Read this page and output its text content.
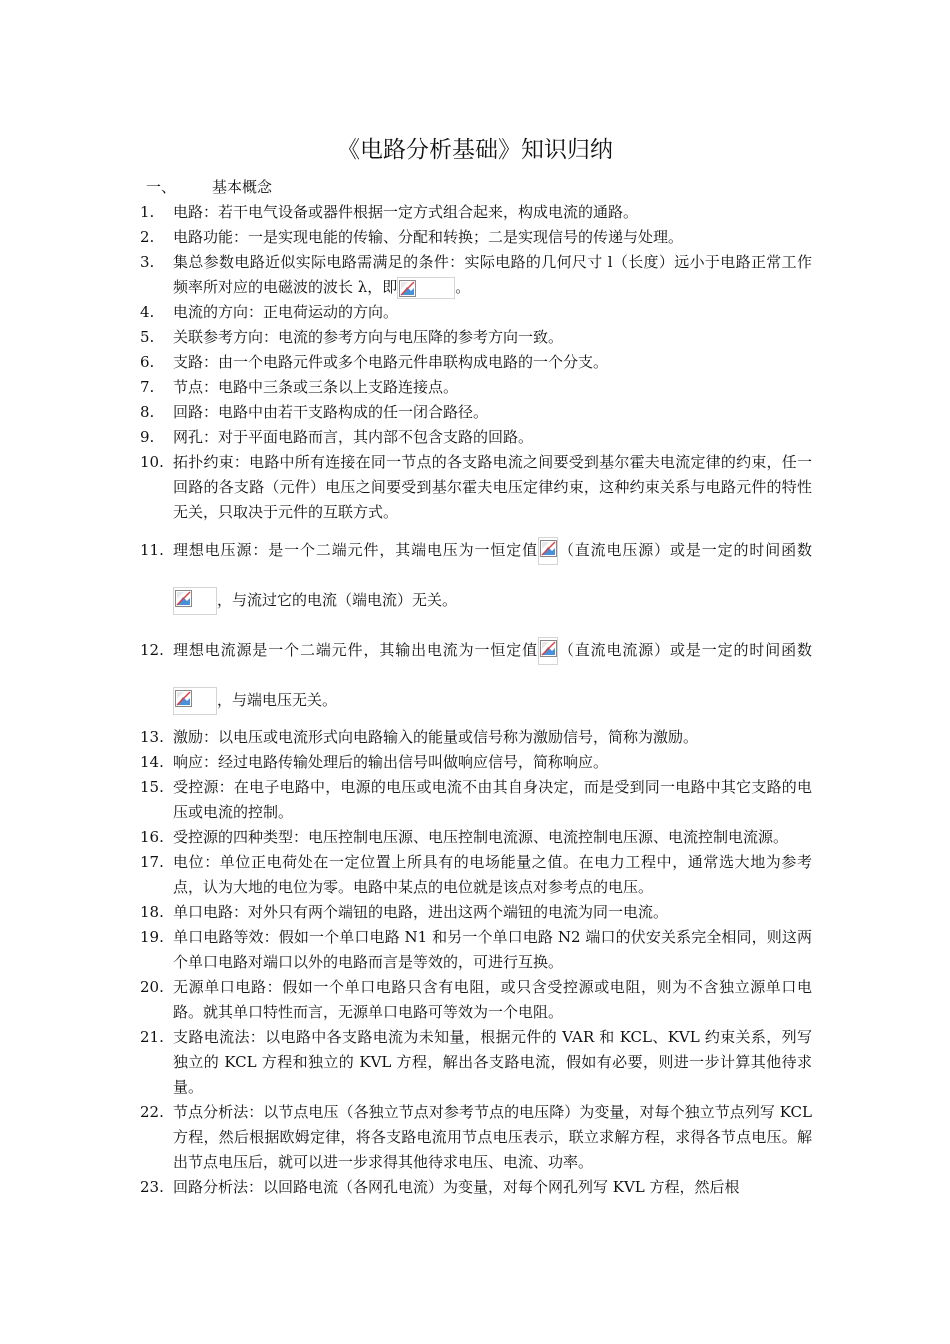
《电路分析基础》知识归纳
一、 基本概念
1.	电路：若干电气设备或器件根据一定方式组合起来，构成电流的通路。
2.	电路功能：一是实现电能的传输、分配和转换；二是实现信号的传递与处理。
3.	集总参数电路近似实际电路需满足的条件：实际电路的几何尺寸 l（长度）远小于电路正常工作频率所对应的电磁波的波长 λ，即	。
4.	电流的方向：正电荷运动的方向。
5.	关联参考方向：电流的参考方向与电压降的参考方向一致。
6.	支路：由一个电路元件或多个电路元件串联构成电路的一个分支。
7.	节点：电路中三条或三条以上支路连接点。
8.	回路：电路中由若干支路构成的任一闭合路径。
9.	网孔：对于平面电路而言，其内部不包含支路的回路。
10. 拓扑约束：电路中所有连接在同一节点的各支路电流之间要受到基尔霍夫电流定律的约束，任一回路的各支路（元件）电压之间要受到基尔霍夫电压定律约束，这种约束关系与电路元件的特性无关，只取决于元件的互联方式。
11. 理想电压源：是一个二端元件，其端电压为一恒定值 （直流电压源）或是一定的时间函数
，与流过它的电流（端电流）无关。
12. 理想电流源是一个二端元件，其输出电流为一恒定值 （直流电流源）或是一定的时间函数
，与端电压无关。
13. 激励：以电压或电流形式向电路输入的能量或信号称为激励信号，简称为激励。
14. 响应：经过电路传输处理后的输出信号叫做响应信号，简称响应。
15. 受控源：在电子电路中，电源的电压或电流不由其自身决定，而是受到同一电路中其它支路的电压或电流的控制。
16. 受控源的四种类型：电压控制电压源、电压控制电流源、电流控制电压源、电流控制电流源。
17. 电位：单位正电荷处在一定位置上所具有的电场能量之值。在电力工程中，通常选大地为参考点，认为大地的电位为零。电路中某点的电位就是该点对参考点的电压。
18. 单口电路：对外只有两个端钮的电路，进出这两个端钮的电流为同一电流。
19. 单口电路等效：假如一个单口电路 N1 和另一个单口电路 N2 端口的伏安关系完全相同，则这两个单口电路对端口以外的电路而言是等效的，可进行互换。
20. 无源单口电路：假如一个单口电路只含有电阻，或只含受控源或电阻，则为不含独立源单口电路。就其单口特性而言，无源单口电路可等效为一个电阻。
21. 支路电流法：以电路中各支路电流为未知量，根据元件的 VAR 和 KCL、KVL 约束关系，列写独立的 KCL 方程和独立的 KVL 方程，解出各支路电流，假如有必要，则进一步计算其他待求量。
22. 节点分析法：以节点电压（各独立节点对参考节点的电压降）为变量，对每个独立节点列写 KCL 方程，然后根据欧姆定律，将各支路电流用节点电压表示，联立求解方程，求得各节点电压。解出节点电压后，就可以进一步求得其他待求电压、电流、功率。
23. 回路分析法：以回路电流（各网孔电流）为变量，对每个网孔列写 KVL 方程，然后根
